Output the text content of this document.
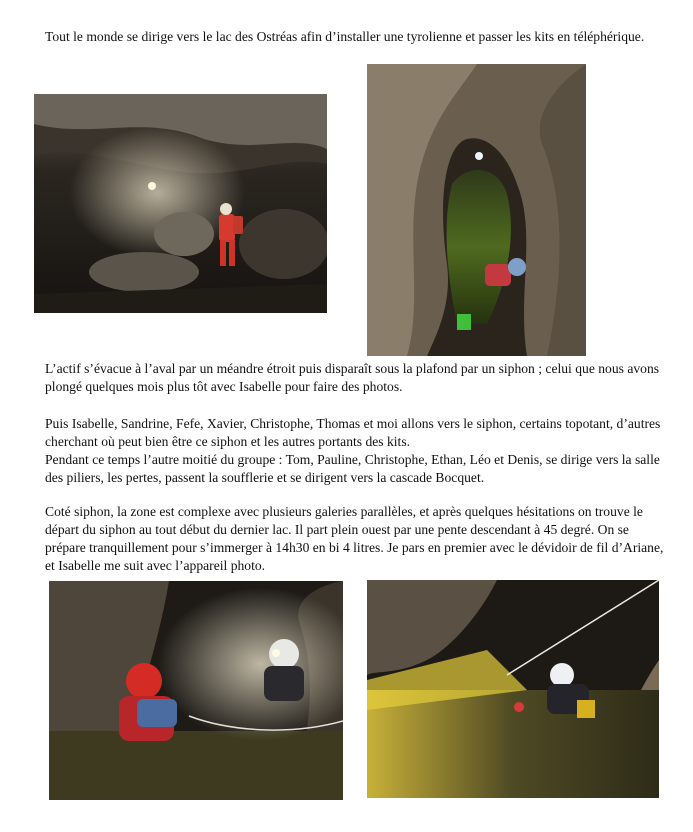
Tout le monde se dirige vers le lac des Ostréas afin d’installer une tyrolienne et passer les kits en téléphérique.

L’actif s’évacue à l’aval par un méandre étroit puis disparaît sous la plafond par un siphon ; celui que nous avons plongé quelques mois plus tôt avec Isabelle pour faire des photos.

Puis Isabelle, Sandrine, Fefe, Xavier, Christophe, Thomas et moi allons vers le siphon, certains topotant, d’autres cherchant où peut bien être ce siphon et les autres portants des kits.

Pendant ce temps l’autre moitié du groupe : Tom, Pauline, Christophe, Ethan, Léo et Denis, se dirige vers la salle des piliers, les pertes, passent la soufflerie et se dirigent vers la cascade Bocquet.

Coté siphon, la zone est complexe avec plusieurs galeries parallèles, et après quelques hésitations on trouve le départ du siphon au tout début du dernier lac. Il part plein ouest par une pente descendant à 45 degré. On se prépare tranquillement pour s’immerger à 14h30 en bi 4 litres. Je pars en premier avec le dévidoir de fil d’Ariane, et Isabelle me suit avec l’appareil photo.
